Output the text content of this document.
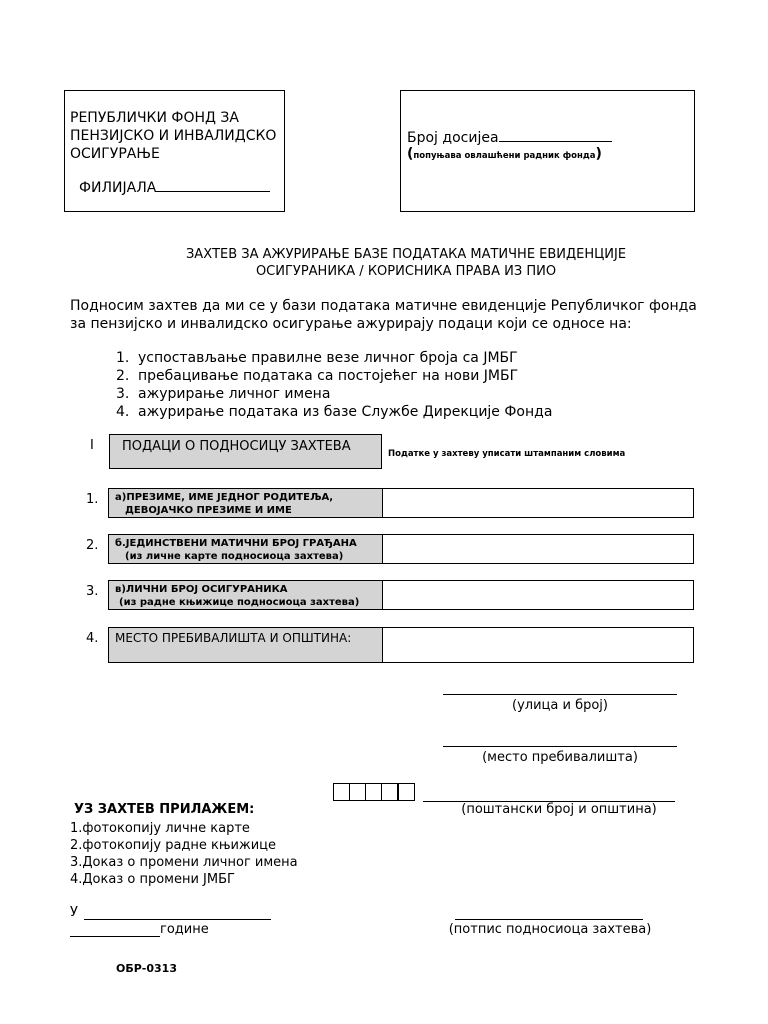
РЕПУБЛИЧКИ ФОНД ЗА
ПЕНЗИЈСКО И ИНВАЛИДСКО
ОСИГУРАЊЕ
ФИЛИЈАЛА
Број досијеа
(попуњава овлашћени радник фонда)
ЗАХТЕВ ЗА АЖУРИРАЊЕ БАЗЕ ПОДАТАКА МАТИЧНЕ ЕВИДЕНЦИЈЕ
ОСИГУРАНИКА / КОРИСНИКА ПРАВА ИЗ ПИО
Подносим захтев да ми се у бази података матичне евиденције Републичког фонда
за пензијско и инвалидско осигурање ажурирају подаци који се односе на:
1. успостављање правилне везе личног броја са ЈМБГ
2. пребацивање података са постојећег на нови ЈМБГ
3. ажурирање личног имена
4. ажурирање података из базе Службе Дирекције Фонда
I ПОДАЦИ О ПОДНОСИЦУ ЗАХТЕВА	Податке у захтеву уписати штампаним словима
1. а)ПРЕЗИМЕ, ИМЕ ЈЕДНОГ РОДИТЕЉА,
ДЕВОЈАЧКО ПРЕЗИМЕ И ИМЕ
2. б.ЈЕДИНСТВЕНИ МАТИЧНИ БРОЈ ГРАЂАНА
(из личне карте подносиоца захтева)
3. в)ЛИЧНИ БРОЈ ОСИГУРАНИКА
(из радне књижице подносиоца захтева)
4. МЕСТО ПРЕБИВАЛИШТА И ОПШТИНА:
(улица и број)
(место пребивалишта)
(поштански број и општина)
УЗ ЗАХТЕВ ПРИЛАЖЕМ:
1.фотокопију личне карте
2.фотокопију радне књижице
3.Доказ о промени личног имена
4.Доказ о промени ЈМБГ
У
године	(потпис подносиоца захтева)
ОБР-0313
